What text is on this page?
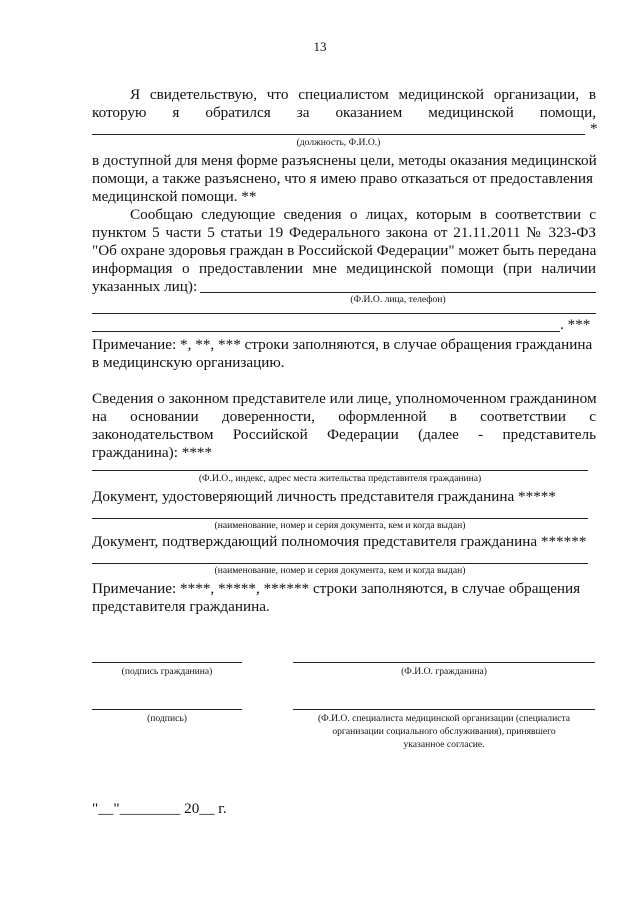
13
Я свидетельствую, что специалистом медицинской организации, в
которую я обратился за оказанием медицинской помощи,
*
(должность, Ф.И.О.)
в доступной для меня форме разъяснены цели, методы оказания медицинской
помощи, а также разъяснено, что я имею право отказаться от предоставления
медицинской помощи. **
Сообщаю следующие сведения о лицах, которым в соответствии с
пунктом 5 части 5 статьи 19 Федерального закона от 21.11.2011 № 323-ФЗ
"Об охране здоровья граждан в Российской Федерации" может быть передана
информация о предоставлении мне медицинской помощи (при наличии
указанных лиц):
(Ф.И.О. лица, телефон)
. ***
Примечание: *, **, *** строки заполняются, в случае обращения гражданина
в медицинскую организацию.
Сведения о законном представителе или лице, уполномоченном гражданином
на основании доверенности, оформленной в соответствии с
законодательством Российской Федерации (далее - представитель
гражданина): ****
(Ф.И.О., индекс, адрес места жительства представителя гражданина)
Документ, удостоверяющий личность представителя гражданина *****
(наименование, номер и серия документа, кем и когда выдан)
Документ, подтверждающий полномочия представителя гражданина ******
(наименование, номер и серия документа, кем и когда выдан)
Примечание: ****, *****, ****** строки заполняются, в случае обращения
представителя гражданина.
(подпись гражданина)	(Ф.И.О. гражданина)
(подпись)	(Ф.И.О. специалиста медицинской организации (специалиста
организации социального обслуживания), принявшего
указанное согласие.
"__"________ 20__ г.
